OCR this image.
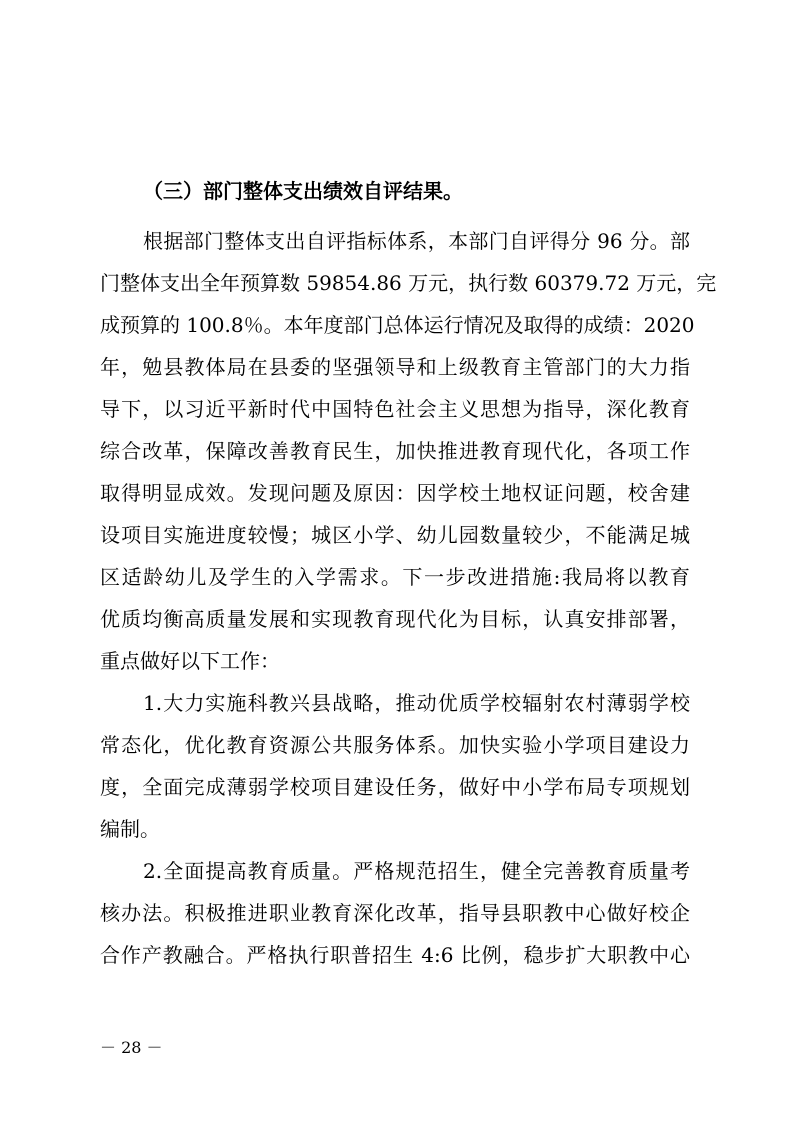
（三）部门整体支出绩效自评结果。
根据部门整体支出自评指标体系，本部门自评得分 96 分。部
门整体支出全年预算数 59854.86 万元，执行数 60379.72 万元，完
成预算的 100.8％。本年度部门总体运行情况及取得的成绩：2020
年，勉县教体局在县委的坚强领导和上级教育主管部门的大力指
导下，以习近平新时代中国特色社会主义思想为指导，深化教育
综合改革，保障改善教育民生，加快推进教育现代化，各项工作
取得明显成效。发现问题及原因：因学校土地权证问题，校舍建
设项目实施进度较慢；城区小学、幼儿园数量较少，不能满足城
区适龄幼儿及学生的入学需求。下一步改进措施:我局将以教育
优质均衡高质量发展和实现教育现代化为目标，认真安排部署，
重点做好以下工作：
1.大力实施科教兴县战略，推动优质学校辐射农村薄弱学校
常态化，优化教育资源公共服务体系。加快实验小学项目建设力
度，全面完成薄弱学校项目建设任务，做好中小学布局专项规划
编制。
2.全面提高教育质量。严格规范招生，健全完善教育质量考
核办法。积极推进职业教育深化改革，指导县职教中心做好校企
合作产教融合。严格执行职普招生 4:6 比例，稳步扩大职教中心
－ 28 －
